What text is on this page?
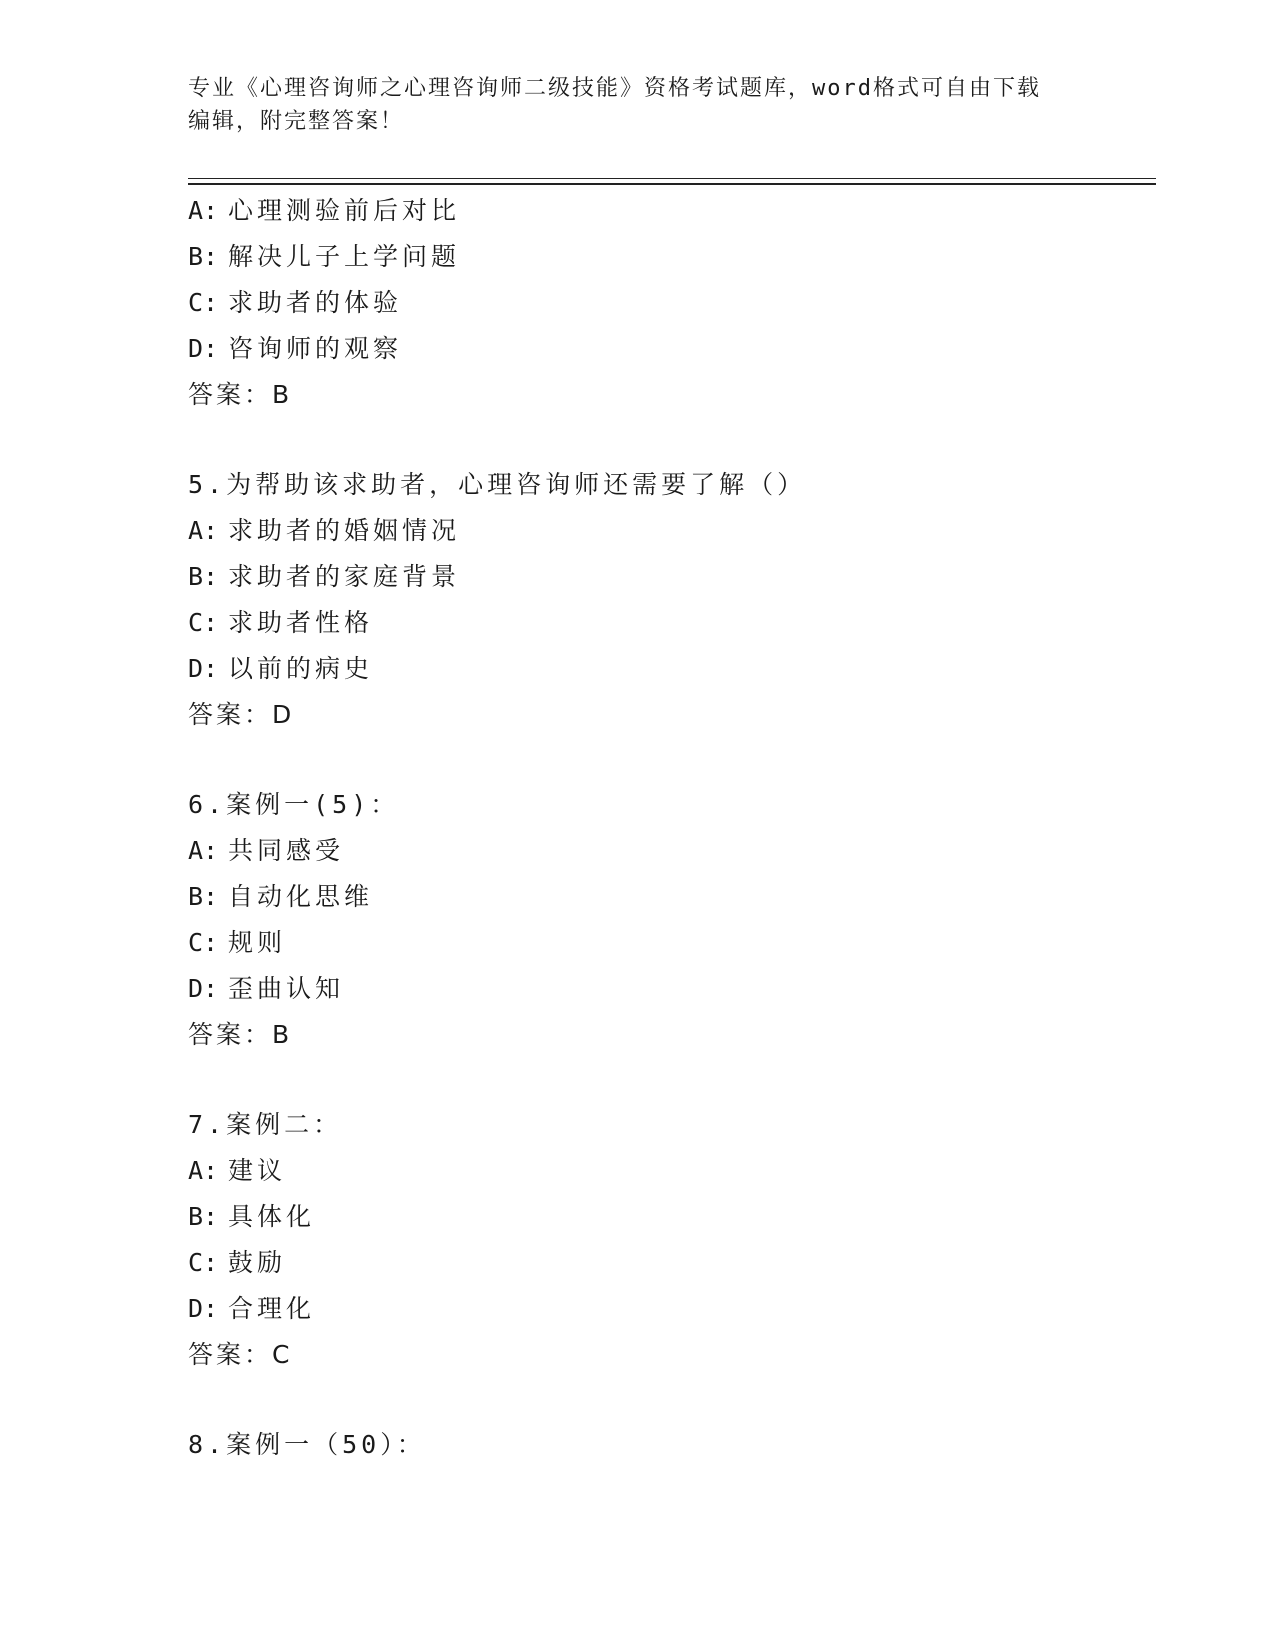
专业《心理咨询师之心理咨询师二级技能》资格考试题库，word格式可自由下载
编辑，附完整答案！
A: 心理测验前后对比
B: 解决儿子上学问题
C: 求助者的体验
D: 咨询师的观察
答案：B
5.为帮助该求助者，心理咨询师还需要了解（）
A: 求助者的婚姻情况
B: 求助者的家庭背景
C: 求助者性格
D: 以前的病史
答案：D
6.案例一(5)：
A: 共同感受
B: 自动化思维
C: 规则
D: 歪曲认知
答案：B
7.案例二：
A: 建议
B: 具体化
C: 鼓励
D: 合理化
答案：C
8.案例一（50）：
